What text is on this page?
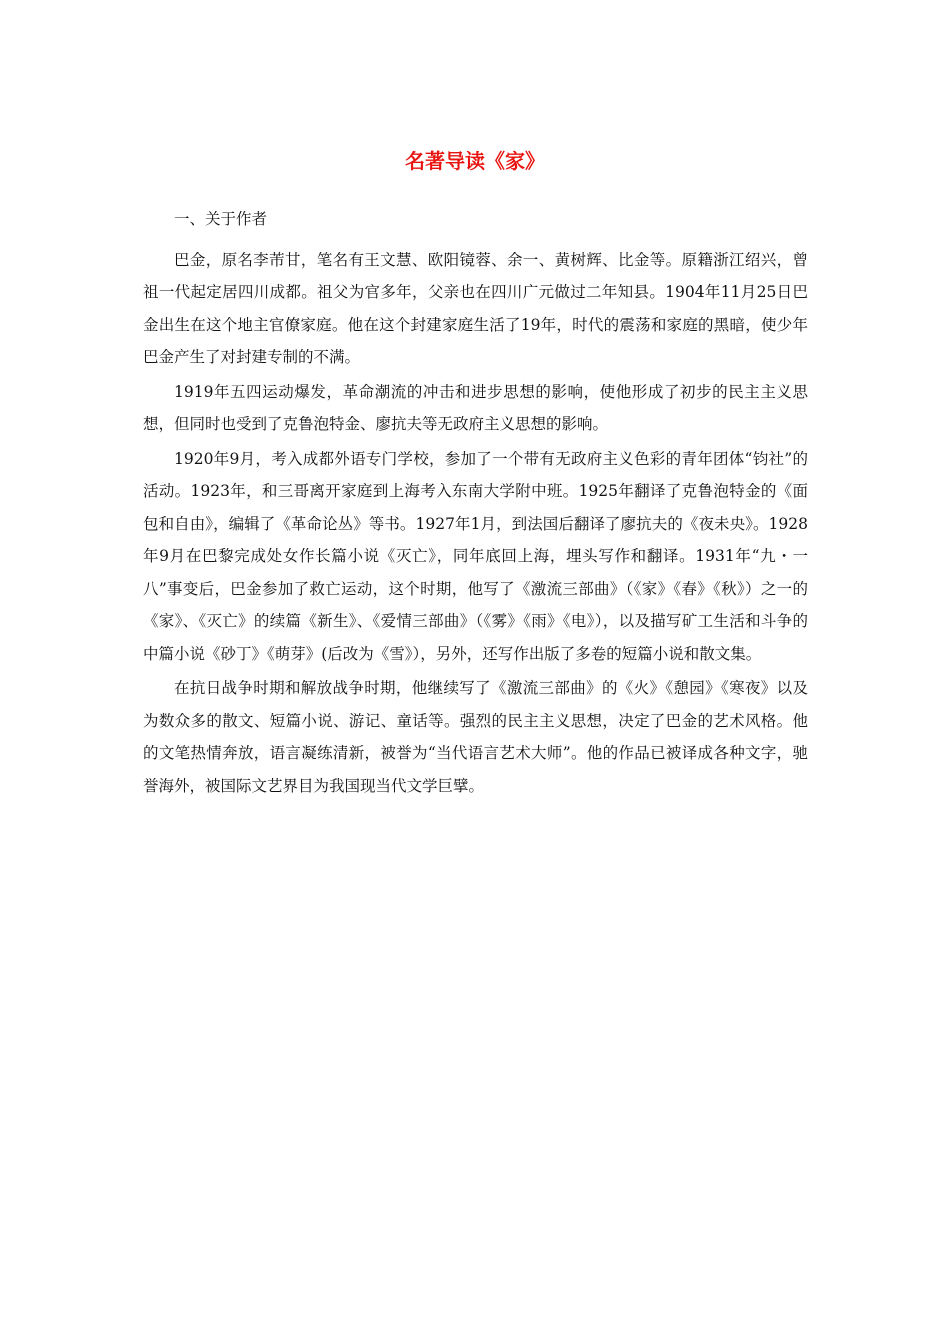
名著导读《家》

一、关于作者

巴金，原名李芾甘，笔名有王文慧、欧阳镜蓉、余一、黄树辉、比金等。原籍浙江绍兴，曾祖一代起定居四川成都。祖父为官多年，父亲也在四川广元做过二年知县。1904年11月25日巴金出生在这个地主官僚家庭。他在这个封建家庭生活了19年，时代的震荡和家庭的黑暗，使少年巴金产生了对封建专制的不满。

1919年五四运动爆发，革命潮流的冲击和进步思想的影响，使他形成了初步的民主主义思想，但同时也受到了克鲁泡特金、廖抗夫等无政府主义思想的影响。

1920年9月，考入成都外语专门学校，参加了一个带有无政府主义色彩的青年团体“钧社”的活动。1923年，和三哥离开家庭到上海考入东南大学附中班。1925年翻译了克鲁泡特金的《面包和自由》，编辑了《革命论丛》等书。1927年1月，到法国后翻译了廖抗夫的《夜未央》。1928年9月在巴黎完成处女作长篇小说《灭亡》，同年底回上海，埋头写作和翻译。1931年“九・一八”事变后，巴金参加了救亡运动，这个时期，他写了《激流三部曲》（《家》《春》《秋》）之一的《家》、《灭亡》的续篇《新生》、《爱情三部曲》（《雾》《雨》《电》），以及描写矿工生活和斗争的中篇小说《砂丁》《萌芽》(后改为《雪》），另外，还写作出版了多卷的短篇小说和散文集。

在抗日战争时期和解放战争时期，他继续写了《激流三部曲》的《火》《憩园》《寒夜》以及为数众多的散文、短篇小说、游记、童话等。强烈的民主主义思想，决定了巴金的艺术风格。他的文笔热情奔放，语言凝练清新，被誉为“当代语言艺术大师”。他的作品已被译成各种文字，驰誉海外，被国际文艺界目为我国现当代文学巨擘。
